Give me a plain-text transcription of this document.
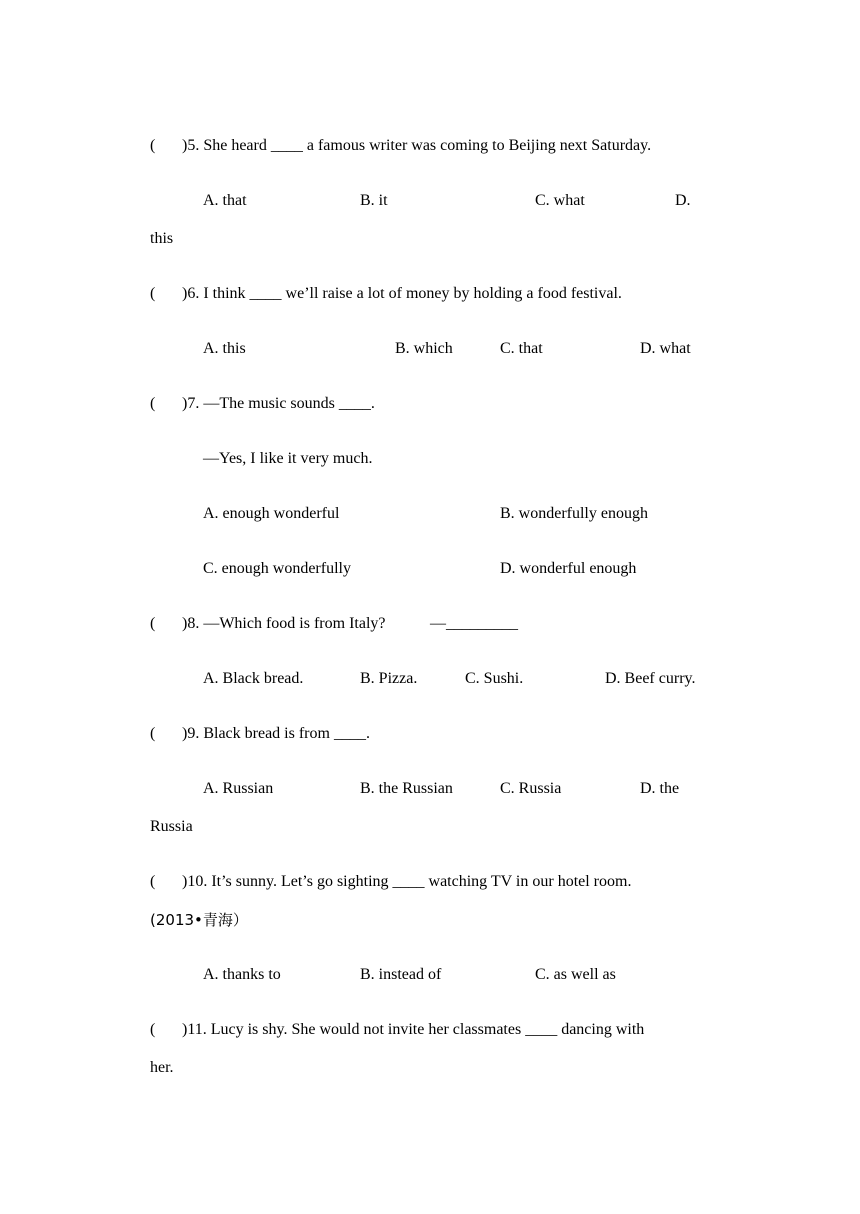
( )5. She heard ____ a famous writer was coming to Beijing next Saturday.
A. that	B. it	C. what	D.
this
( )6. I think ____ we’ll raise a lot of money by holding a food festival.
A. this	B. which	C. that	D. what
( )7. —The music sounds ____.
—Yes, I like it very much.
A. enough wonderful	B. wonderfully enough
C. enough wonderfully	D. wonderful enough
( )8. —Which food is from Italy?	—_________
A. Black bread.	B. Pizza.	C. Sushi.	D. Beef curry.
( )9. Black bread is from ____.
A. Russian	B. the Russian	C. Russia	D. the
Russia
( )10. It’s sunny. Let’s go sighting ____ watching TV in our hotel room.
(2013•青海）
A. thanks to	B. instead of	C. as well as
( )11. Lucy is shy. She would not invite her classmates ____ dancing with
her.
